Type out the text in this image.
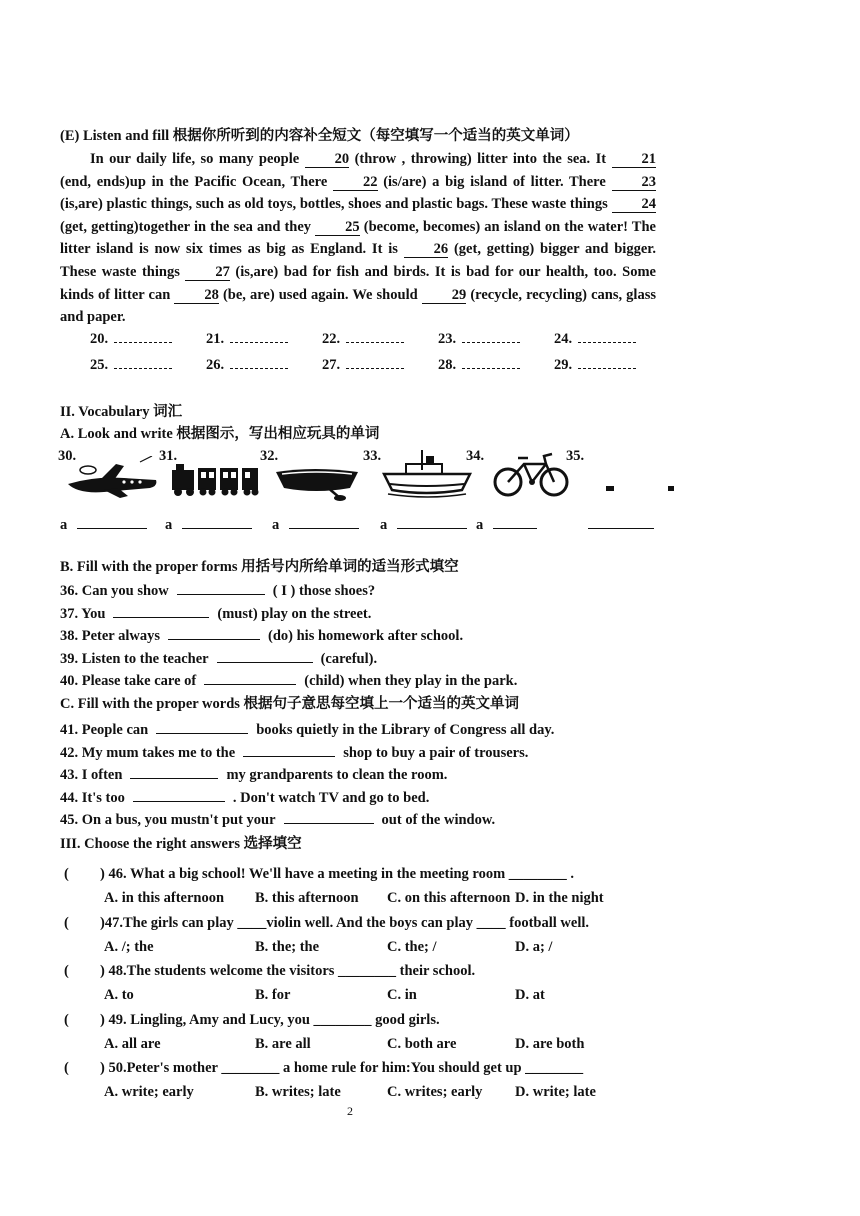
(E) Listen and fill 根据你所听到的内容补全短文（每空填写一个适当的英文单词）
In our daily life, so many people 20 (throw , throwing) litter into the sea. It 21 (end, ends)up in the Pacific Ocean, There 22 (is/are) a big island of litter. There 23 (is,are) plastic things, such as old toys, bottles, shoes and plastic bags. These waste things 24 (get, getting)together in the sea and they 25 (become, becomes) an island on the water! The litter island is now six times as big as England. It is 26 (get, getting) bigger and bigger. These waste things 27 (is,are) bad for fish and birds. It is bad for our health, too. Some kinds of litter can 28 (be, are) used again. We should 29 (recycle, recycling) cans, glass and paper.
20.	21.	22.	23.	24.
25.	26.	27.	28.	29.
II. Vocabulary 词汇
A. Look and write 根据图示，写出相应玩具的单词
30.	31.	32.	33.	34.	35.
a	a	a	a	a
B. Fill with the proper forms 用括号内所给单词的适当形式填空
36. Can you show	( I ) those shoes?
37. You	(must) play on the street.
38. Peter always	(do) his homework after school.
39. Listen to the teacher	(careful).
40. Please take care of	(child) when they play in the park.
C. Fill with the proper words 根据句子意思每空填上一个适当的英文单词
41. People can	books quietly in the Library of Congress all day.
42. My mum takes me to the	shop to buy a pair of trousers.
43. I often	my grandparents to clean the room.
44. It's too	. Don't watch TV and go to bed.
45. On a bus, you mustn't put your	out of the window.
III. Choose the right answers 选择填空
( ) 46. What a big school! We'll have a meeting in the meeting room ________ .
A. in this afternoon B. this afternoon C. on this afternoon D. in the night
( )47.The girls can play ____violin well. And the boys can play ____ football well.
A. /; the	B. the; the	C. the; /	D. a; /
( ) 48.The students welcome the visitors ________ their school.
A. to	B. for	C. in	D. at
( ) 49. Lingling, Amy and Lucy, you ________ good girls.
A. all are	B. are all	C. both are	D. are both
( ) 50.Peter's mother ________ a home rule for him:You should get up ________
A. write; early	B. writes; late	C. writes; early D. write; late
2
